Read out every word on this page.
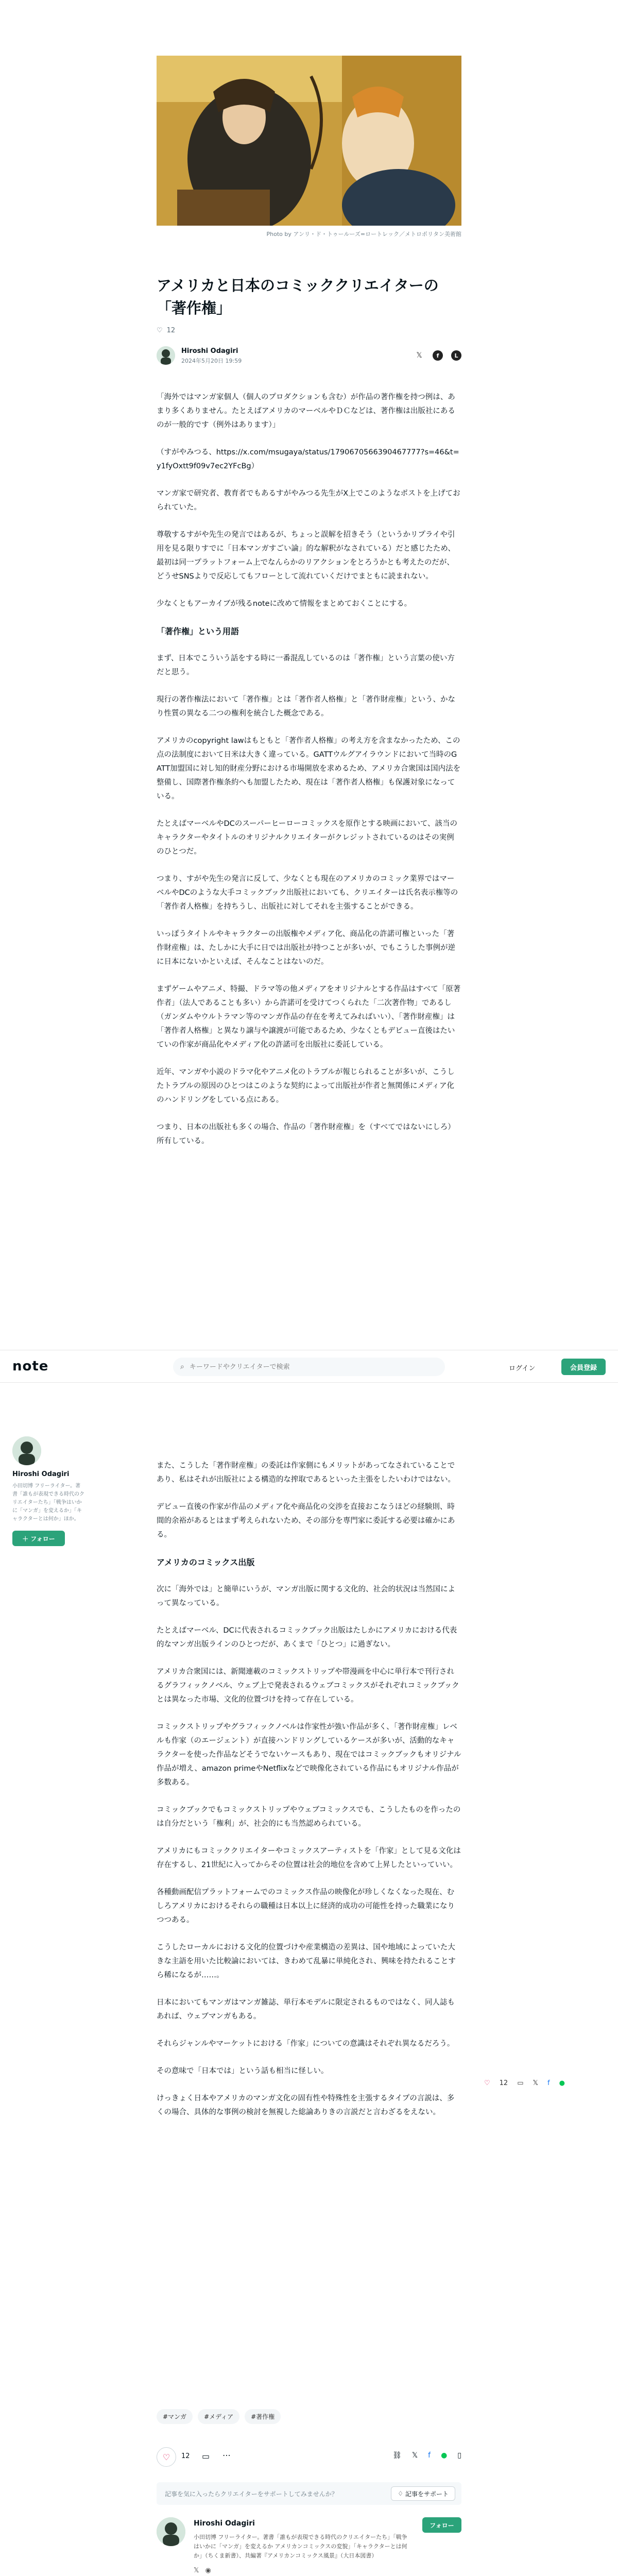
Photo by アンリ・ド・トゥールーズ=ロートレック／メトロポリタン美術館
アメリカと日本のコミッククリエイターの「著作権」
♡ 12
Hiroshi Odagiri
2024年5月20日 19:59
𝕏	f	L

「海外ではマンガ家個人（個人のプロダクションも含む）が作品の著作権を持つ例は、あまり多くありません。たとえばアメリカのマーベルやＤＣなどは、著作権は出版社にあるのが一般的です（例外はあります）」

（すがやみつる、https://x.com/msugaya/status/1790670566390467777?s=46&t=y1fyOxtt9f09v7ec2YFcBg）

マンガ家で研究者、教育者でもあるすがやみつる先生がX上でこのようなポストを上げておられていた。

尊敬するすがや先生の発言ではあるが、ちょっと誤解を招きそう（というかリプライや引用を見る限りすでに「日本マンガすごい論」的な解釈がなされている）だと感じたため、最初は同一プラットフォーム上でなんらかのリアクションをとろうかとも考えたのだが、どうせSNSよりで反応してもフローとして流れていくだけでまともに読まれない。

少なくともアーカイブが残るnoteに改めて情報をまとめておくことにする。

「著作権」という用語

まず、日本でこういう話をする時に一番混乱しているのは「著作権」という言葉の使い方だと思う。

現行の著作権法において「著作権」とは「著作者人格権」と「著作財産権」という、かなり性質の異なる二つの権利を統合した概念である。

アメリカのcopyright lawはもともと「著作者人格権」の考え方を含まなかったため、この点の法制度において日米は大きく違っている。GATTウルグアイラウンドにおいて当時のGATT加盟国に対し知的財産分野における市場開放を求めるため、アメリカ合衆国は国内法を整備し、国際著作権条約へも加盟したため、現在は「著作者人格権」も保護対象になっている。

たとえばマーベルやDCのスーパーヒーローコミックスを原作とする映画において、該当のキャラクターやタイトルのオリジナルクリエイターがクレジットされているのはその実例のひとつだ。

つまり、すがや先生の発言に反して、少なくとも現在のアメリカのコミック業界ではマーベルやDCのような大手コミックブック出版社においても、クリエイターは氏名表示権等の「著作者人格権」を持ちうし、出版社に対してそれを主張することができる。

いっぽうタイトルやキャラクターの出版権やメディア化、商品化の許諾可権といった「著作財産権」は、たしかに大手に日では出版社が持つことが多いが、でもこうした事例が逆に日本にないかといえば、そんなことはないのだ。

まずゲームやアニメ、特撮、ドラマ等の他メディアをオリジナルとする作品はすべて「原著作者」（法人であることも多い）から許諾可を受けてつくられた「二次著作物」であるし（ガンダムやウルトラマン等のマンガ作品の存在を考えてみればいい）、「著作財産権」は「著作者人格権」と異なり譲与や譲渡が可能であるため、少なくともデビュー直後はたいていの作家が商品化やメディア化の許諾可を出版社に委託している。

近年、マンガや小説のドラマ化やアニメ化のトラブルが報じられることが多いが、こうしたトラブルの原因のひとつはこのような契約によって出版社が作者と無関係にメディア化のハンドリングをしている点にある。

つまり、日本の出版社も多くの場合、作品の「著作財産権」を（すべてではないにしろ）所有している。

note	⌕
キーワードやクリエイターで検索	ログイン	会員登録
Hiroshi Odagiri
小田切博 フリーライター。著書「誰もが表現できる時代のクリエイターたち」「戦争はいかに「マンガ」を変えるか」「キャラクターとは何か」ほか。
＋ フォロー

また、こうした「著作財産権」の委託は作家側にもメリットがあってなされていることであり、私はそれが出版社による構造的な搾取であるといった主張をしたいわけではない。

デビュー直後の作家が作品のメディア化や商品化の交渉を直接おこなうほどの経験則、時間的余裕があるとはまず考えられないため、その部分を専門家に委託する必要は確かにある。

アメリカのコミックス出版

次に「海外では」と簡単にいうが、マンガ出版に関する文化的、社会的状況は当然国によって異なっている。

たとえばマーベル、DCに代表されるコミックブック出版はたしかにアメリカにおける代表的なマンガ出版ラインのひとつだが、あくまで「ひとつ」に過ぎない。

アメリカ合衆国には、新聞連載のコミックストリップや帯漫画を中心に単行本で刊行されるグラフィックノベル、ウェブ上で発表されるウェブコミックスがそれぞれコミックブックとは異なった市場、文化的位置づけを持って存在している。

コミックストリップやグラフィックノベルは作家性が強い作品が多く、「著作財産権」レベルも作家（のエージェント）が直接ハンドリングしているケースが多いが、活動的なキャラクターを使った作品などそうでないケースもあり、現在ではコミックブックもオリジナル作品が増え、amazon primeやNetflixなどで映像化されている作品にもオリジナル作品が多数ある。

コミックブックでもコミックストリップやウェブコミックスでも、こうしたものを作ったのは自分だという「権利」が、社会的にも当然認められている。

アメリカにもコミッククリエイターやコミックスアーティストを「作家」として見る文化は存在するし、21世紀に入ってからその位置は社会的地位を含めて上昇したといっていい。

各種動画配信プラットフォームでのコミックス作品の映像化が珍しくなくなった現在、むしろアメリカにおけるそれらの職種は日本以上に経済的成功の可能性を持った職業になりつつある。

こうしたローカルにおける文化的位置づけや産業構造の差異は、国や地域によっていた大きな主語を用いた比較論においては、きわめて乱暴に単純化され、興味を持たれることすら稀になるが……。

日本においてもマンガはマンガ雑誌、単行本モデルに限定されるものではなく、同人誌もあれば、ウェブマンガもある。

それらジャンルやマーケットにおける「作家」についての意識はそれぞれ異なるだろう。

その意味で「日本では」という話も相当に怪しい。

けっきょく日本やアメリカのマンガ文化の固有性や特殊性を主張するタイプの言説は、多くの場合、具体的な事例の検討を無視した総論ありきの言説だと言わざるをえない。

♡ 12 ▭ 𝕏 f ●
#マンガ	#メディア	#著作権
♡ 12 ▭ ⋯	⛓ 𝕏 f ● ▯
記事を気に入ったらクリエイターをサポートしてみませんか？	♢ 記事をサポート
Hiroshi Odagiri
小田切博 フリーライター。著書「誰もが表現できる時代のクリエイターたち」「戦争はいかに「マンガ」を変えるか アメリカンコミックスの変貌」「キャラクターとは何か」（ちくま新書）、共編著『アメリカンコミックス風景』（大日本図書）
フォロー
𝕏 ◉
